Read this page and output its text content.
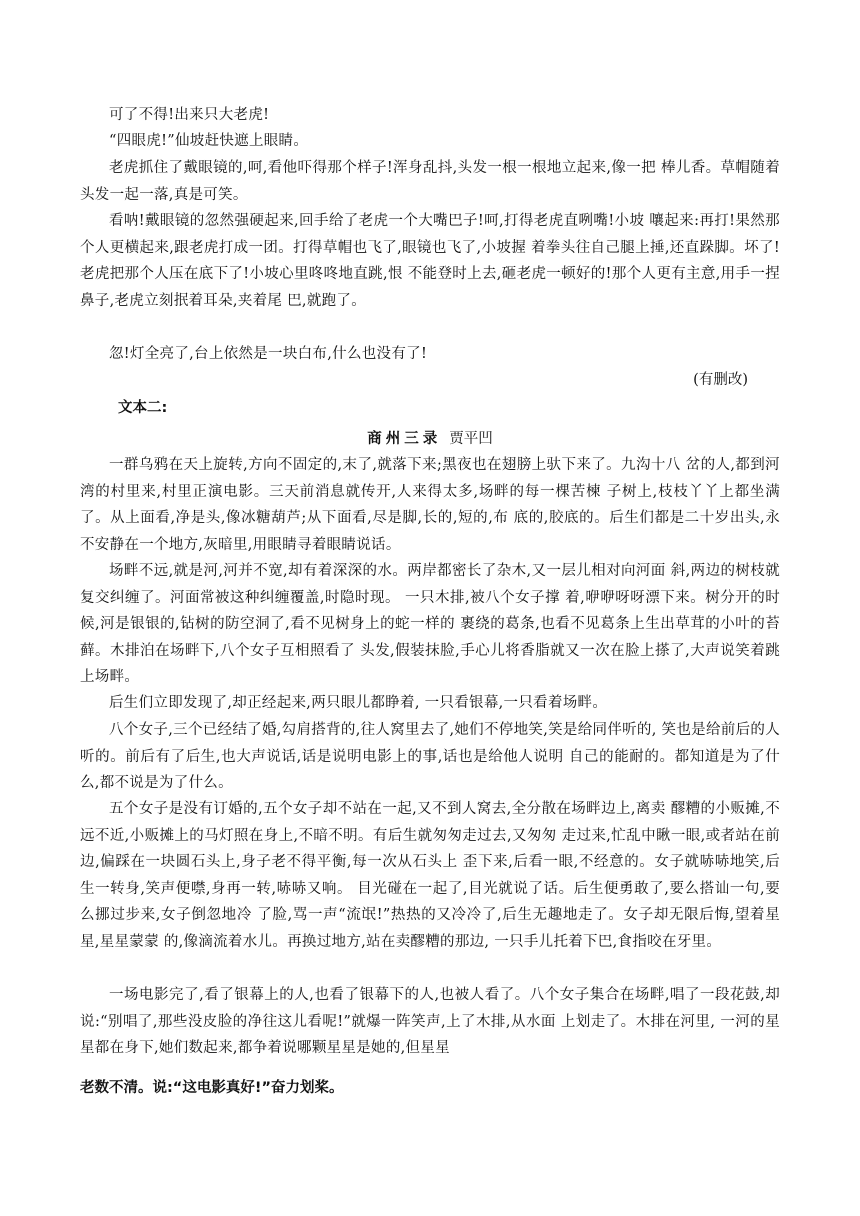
可了不得!出来只大老虎!

“四眼虎!”仙坡赶快遮上眼睛。

老虎抓住了戴眼镜的,呵,看他吓得那个样子!浑身乱抖,头发一根一根地立起来,像一把 棒儿香。草帽随着头发一起一落,真是可笑。

看呐!戴眼镜的忽然强硬起来,回手给了老虎一个大嘴巴子!呵,打得老虎直咧嘴!小坡 嚷起来:再打!果然那个人更横起来,跟老虎打成一团。打得草帽也飞了,眼镜也飞了,小坡握 着拳头往自己腿上捶,还直跺脚。坏了!老虎把那个人压在底下了!小坡心里咚咚地直跳,恨 不能登时上去,砸老虎一顿好的!那个人更有主意,用手一捏鼻子,老虎立刻抿着耳朵,夹着尾 巴,就跑了。

忽!灯全亮了,台上依然是一块白布,什么也没有了!

(有删改)
文本二:
商州三录 贾平凹

一群乌鸦在天上旋转,方向不固定的,末了,就落下来;黑夜也在翅膀上驮下来了。九沟十八 岔的人,都到河湾的村里来,村里正演电影。三天前消息就传开,人来得太多,场畔的每一棵苦楝 子树上,枝枝丫丫上都坐满了。从上面看,净是头,像冰糖葫芦;从下面看,尽是脚,长的,短的,布 底的,胶底的。后生们都是二十岁出头,永不安静在一个地方,灰暗里,用眼睛寻着眼睛说话。

场畔不远,就是河,河并不宽,却有着深深的水。两岸都密长了杂木,又一层儿相对向河面 斜,两边的树枝就复交纠缠了。河面常被这种纠缠覆盖,时隐时现。 一只木排,被八个女子撑 着,咿咿呀呀漂下来。树分开的时候,河是银银的,钻树的防空洞了,看不见树身上的蛇一样的 裹绕的葛条,也看不见葛条上生出草茸的小叶的苔藓。木排泊在场畔下,八个女子互相照看了 头发,假装抹脸,手心儿将香脂就又一次在脸上搽了,大声说笑着跳上场畔。

后生们立即发现了,却正经起来,两只眼儿都睁着, 一只看银幕,一只看着场畔。

八个女子,三个已经结了婚,勾肩搭背的,往人窝里去了,她们不停地笑,笑是给同伴听的, 笑也是给前后的人听的。前后有了后生,也大声说话,话是说明电影上的事,话也是给他人说明 自己的能耐的。都知道是为了什么,都不说是为了什么。

五个女子是没有订婚的,五个女子却不站在一起,又不到人窝去,全分散在场畔边上,离卖 醪糟的小贩摊,不远不近,小贩摊上的马灯照在身上,不暗不明。有后生就匆匆走过去,又匆匆 走过来,忙乱中瞅一眼,或者站在前边,偏踩在一块圆石头上,身子老不得平衡,每一次从石头上 歪下来,后看一眼,不经意的。女子就哧哧地笑,后生一转身,笑声便噤,身再一转,哧哧又响。 目光碰在一起了,目光就说了话。后生便勇敢了,要么搭讪一句,要么挪过步来,女子倒忽地冷 了脸,骂一声“流氓!”热热的又冷冷了,后生无趣地走了。女子却无限后悔,望着星星,星星蒙蒙 的,像滴流着水儿。再换过地方,站在卖醪糟的那边, 一只手儿托着下巴,食指咬在牙里。

一场电影完了,看了银幕上的人,也看了银幕下的人,也被人看了。八个女子集合在场畔,唱了一段花鼓,却说:“别唱了,那些没皮脸的净往这儿看呢!”就爆一阵笑声,上了木排,从水面 上划走了。木排在河里, 一河的星星都在身下,她们数起来,都争着说哪颗星星是她的,但星星

老数不清。说:“这电影真好!”奋力划桨。
